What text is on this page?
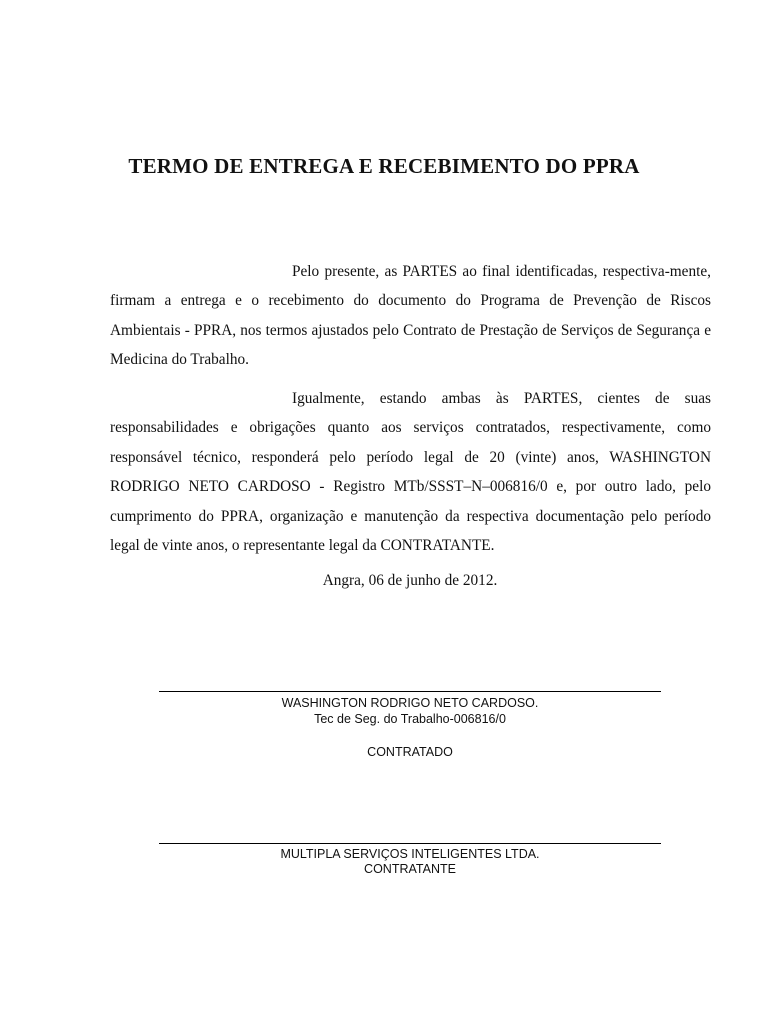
TERMO DE ENTREGA E RECEBIMENTO DO PPRA

Pelo presente, as PARTES ao final identificadas, respectiva-mente, firmam a entrega e o recebimento do documento do Programa de Prevenção de Riscos Ambientais - PPRA, nos termos ajustados pelo Contrato de Prestação de Serviços de Segurança e Medicina do Trabalho.

Igualmente, estando ambas às PARTES, cientes de suas responsabilidades e obrigações quanto aos serviços contratados, respectivamente, como responsável técnico, responderá pelo período legal de 20 (vinte) anos, WASHINGTON RODRIGO NETO CARDOSO - Registro MTb/SSST–N–006816/0 e, por outro lado, pelo cumprimento do PPRA, organização e manutenção da respectiva documentação pelo período legal de vinte anos, o representante legal da CONTRATANTE.

Angra, 06 de junho de 2012.
WASHINGTON RODRIGO NETO CARDOSO.
Tec de Seg. do Trabalho-006816/0
CONTRATADO
MULTIPLA SERVIÇOS INTELIGENTES LTDA.
CONTRATANTE
